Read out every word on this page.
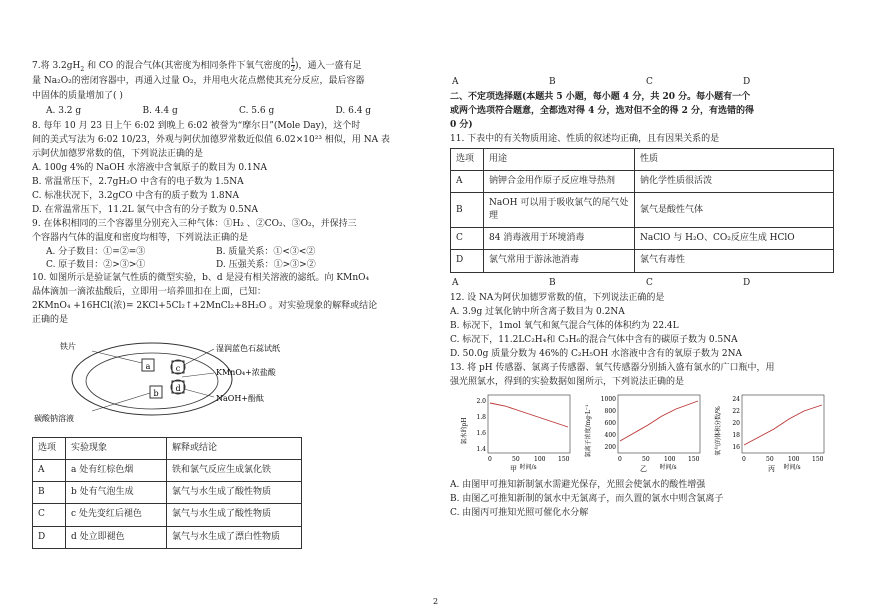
7.将 $3.2gH_2$ 和 CO 的混合气体(其密度为相同条件下氧气密度的 $\frac{1}{2}$ )，通入一盛有足

量 Na₂O₂的密闭容器中，再通入过量 O₂，并用电火花点燃使其充分反应，最后容器

中固体的质量增加了( )

A. 3.2 g	B. 4.4 g	C. 5.6 g	D. 6.4 g

8. 每年 10 月 23 日上午 6:02 到晚上 6:02 被誉为“摩尔日”(Mole Day)，这个时

间的美式写法为 6:02 10/23，外观与阿伏加德罗常数近似值 6.02×10²³ 相似，用 NA 表

示阿伏加德罗常数的值，下列说法正确的是

A. 100g 4%的 NaOH 水溶液中含氧原子的数目为 0.1NA

B. 常温常压下，2.7gH₂O 中含有的电子数为 1.5NA

C. 标准状况下，3.2gCO 中含有的质子数为 1.8NA

D. 在常温常压下，11.2L 氯气中含有的分子数为 0.5NA

9. 在体积相同的三个容器里分别充入三种气体：①H₂ 、②CO₂、③O₂，并保持三

个容器内气体的温度和密度均相等，下列说法正确的是

A. 分子数目：①=②=③	B. 质量关系：①<③<②
C. 原子数目：②>③>①	D. 压强关系：①>③>②

10. 如图所示是验证氯气性质的微型实验，b、d 是浸有相关溶液的滤纸。向 KMnO₄

晶体滴加一滴浓盐酸后，立即用一培养皿扣在上面，已知：

2KMnO₄ +16HCl(浓)= 2KCl+5Cl₂↑+2MnCl₂+8H₂O 。对实验现象的解释或结论

正确的是

a
b
c
d
铁片	湿润蓝色石蕊试纸
KMnO₄+浓盐酸
NaOH+酚酞
碳酸钠溶液
选项	实验现象	解释或结论
A	a 处有红棕色烟	铁和氯气反应生成氯化铁
B	b 处有气泡生成	氯气与水生成了酸性物质
C	c 处先变红后褪色	氯气与水生成了酸性物质
D	d 处立即褪色	氯气与水生成了漂白性物质
A	B	C	D

二、不定项选择题(本题共 5 小题，每小题 4 分，共 20 分。每小题有一个

或两个选项符合题意，全都选对得 4 分，选对但不全的得 2 分，有选错的得

0 分)

11. 下表中的有关物质用途、性质的叙述均正确，且有因果关系的是

选项	用途	性质
A	钠钾合金用作原子反应堆导热剂	钠化学性质很活泼
B	NaOH 可以用于吸收氯气的尾气处理	氯气是酸性气体
C	84 消毒液用于环境消毒	NaClO 与 H₂O、CO₂反应生成 HClO
D	氯气常用于游泳池消毒	氯气有毒性
A	B	C	D

12. 设 NA为阿伏加德罗常数的值，下列说法正确的是

A. 3.9g 过氧化钠中所含离子数目为 0.2NA

B. 标况下，1mol 氧气和氮气混合气体的体积约为 22.4L

C. 标况下，11.2LC₂H₄和 C₃H₆的混合气体中含有的碳原子数为 0.5NA

D. 50.0g 质量分数为 46%的 C₂H₅OH 水溶液中含有的氧原子数为 2NA

13. 将 pH 传感器、氯离子传感器、氧气传感器分别插入盛有氯水的广口瓶中，用

强光照氯水，得到的实验数据如图所示，下列说法正确的是

氯水的pH
2.0
1.8
1.6
1.4
0	50 100 150
时间/s
甲
氯离子浓度/mg·L⁻¹
1000
800
600
400
200
0	50 100 150
时间/s
乙
氧气的体积分数/%
24
22
20
18
16
0	50 100 150
时间/s
丙

A. 由图甲可推知新制氯水需避光保存，光照会使氯水的酸性增强

B. 由图乙可推知新制的氯水中无氯离子，而久置的氯水中则含氯离子

C. 由图丙可推知光照可催化水分解

2
